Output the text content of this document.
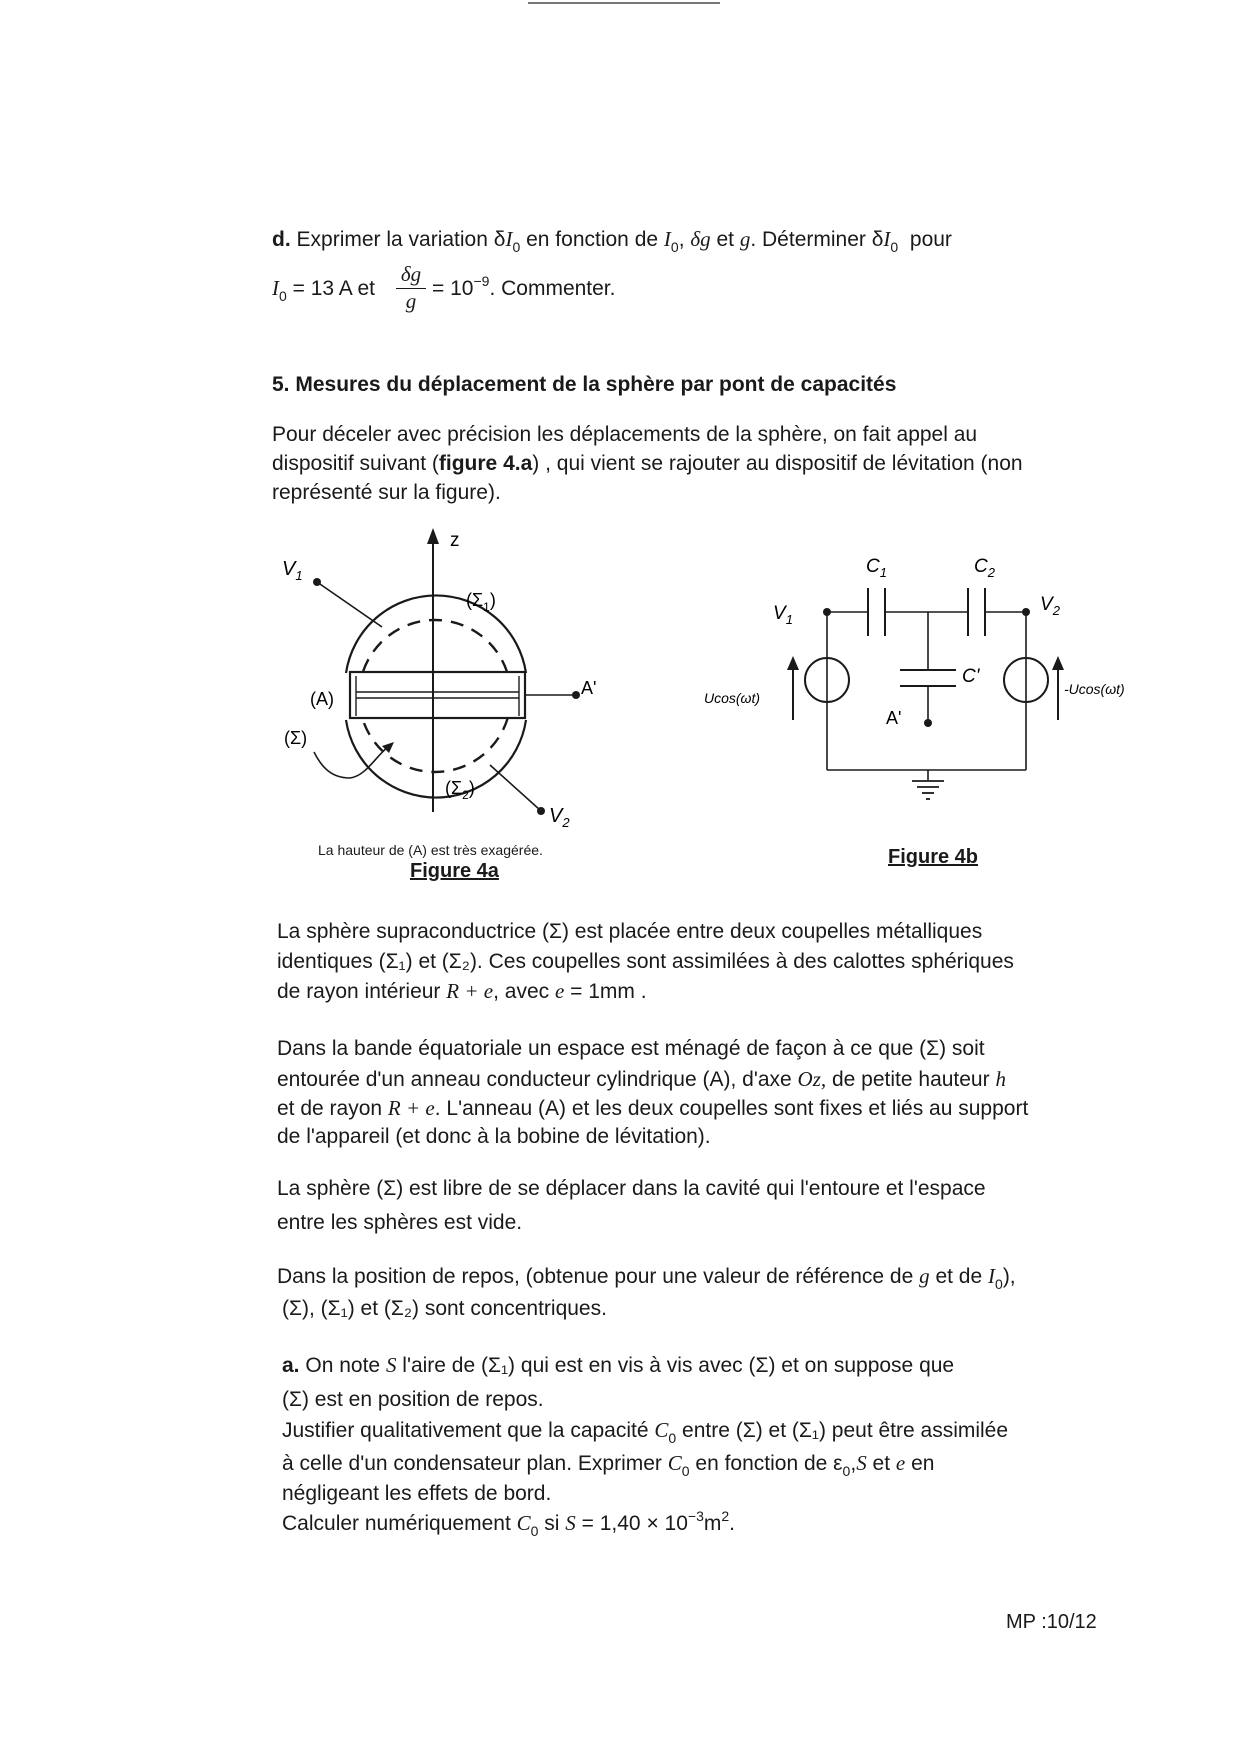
d. Exprimer la variation $\delta I_0$ en fonction de $I_0$, δg et g. Déterminer $\delta I_0$ pour
$I_0 = 13$ A et
δg
g
= $10^{-9}$. Commenter.
5. Mesures du déplacement de la sphère par pont de capacités
Pour déceler avec précision les déplacements de la sphère, on fait appel au
dispositif suivant (figure 4.a) , qui vient se rajouter au dispositif de lévitation (non
représenté sur la figure).
z
$V_1$
$(\Sigma_1)$
A'
(A)
(Σ)
$(\Sigma_2)$
$V_2$
La hauteur de (A) est très exagérée.
Figure 4a
$C_1$	$C_2$
$V_1$
$V_2$
A'
C'
Ucos(ωt)
-Ucos(ωt)
Figure 4b
La sphère supraconductrice (Σ) est placée entre deux coupelles métalliques
identiques (Σ₁) et (Σ₂). Ces coupelles sont assimilées à des calottes sphériques
de rayon intérieur R + e, avec e = 1mm .
Dans la bande équatoriale un espace est ménagé de façon à ce que (Σ) soit
entourée d'un anneau conducteur cylindrique (A), d'axe Oz, de petite hauteur h
et de rayon R + e. L'anneau (A) et les deux coupelles sont fixes et liés au support
de l'appareil (et donc à la bobine de lévitation).
La sphère (Σ) est libre de se déplacer dans la cavité qui l'entoure et l'espace
entre les sphères est vide.
Dans la position de repos, (obtenue pour une valeur de référence de g et de $I_0$),
(Σ), (Σ₁) et (Σ₂) sont concentriques.
a. On note S l'aire de (Σ₁) qui est en vis à vis avec (Σ) et on suppose que
(Σ) est en position de repos.
Justifier qualitativement que la capacité $C_0$ entre (Σ) et (Σ₁) peut être assimilée
à celle d'un condensateur plan. Exprimer $C_0$ en fonction de $\varepsilon_0,S$ et e en
négligeant les effets de bord.
Calculer numériquement $C_0$ si $S = 1,40 \times 10^{-3}m^2$.
MP :10/12
